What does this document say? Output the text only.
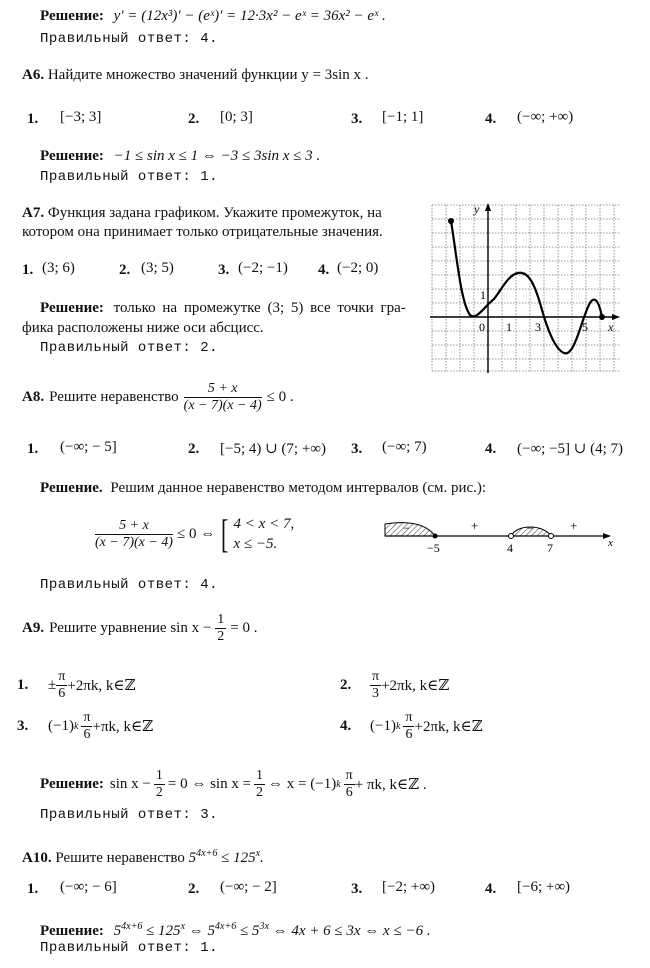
Решение: y′ = (12x³)′ − (eˣ)′ = 12·3x² − eˣ = 36x² − eˣ .
Правильный ответ: 4.
А6. Найдите множество значений функции y = 3sin x .
1. [−3; 3]	2. [0; 3]	3. [−1; 1]	4. (−∞; +∞)
Решение: −1 ≤ sin x ≤ 1 ⇔ −3 ≤ 3sin x ≤ 3 .
Правильный ответ: 1.
А7. Функция задана графиком. Укажите промежуток, на
котором она принимает только отрицательные значения.
1. (3; 6)	2. (3; 5)	3. (−2; −1) 4. (−2; 0)
Решение: только на промежутке (3; 5) все точки гра-
фика расположены ниже оси абсцисс.
Правильный ответ: 2.
y
x
0 1
1
3	5
А8. Решите неравенство $\frac{5 + x}{(x - 7)(x - 4)} \le 0$ .
1. (−∞; − 5]	2. [−5; 4) ∪ (7; +∞) 3. (−∞; 7)	4. (−∞; −5] ∪ (4; 7)
Решение. Решим данное неравенство методом интервалов (см. рис.):
$\frac{5 + x}{(x - 7)(x - 4)} \le 0$ ⇔ [ 4 < x < 7,
x ≤ −5.
−	+	−	+
−5	4	7	x
Правильный ответ: 4.
А9. Решите уравнение $\sin x - \frac{1}{2} = 0$ .
1. ± $\frac{\pi}{6} +2\pi k$, k∈ℤ	2. $\frac{\pi}{3} +2\pi k$, k∈ℤ
3. (−1) k $\frac{\pi}{6} +\pi k$, k∈ℤ	4. (−1) k $\frac{\pi}{6} +2\pi k$, k∈ℤ
Решение: $\sin x - \frac{1}{2} = 0$ ⇔ $\sin x = \frac{1}{2}$ ⇔ x = (−1) k $\frac{\pi}{6} + \pi k$, k∈ℤ .
Правильный ответ: 3.
А10. Решите неравенство $5^{4x+6} \le 125^x$.
1. (−∞; − 6]	2. (−∞; − 2]	3. [−2; +∞)	4. [−6; +∞)
Решение: $5^{4x+6} \le 125^x$ ⇔ $5^{4x+6} \le 5^{3x}$ ⇔ 4x + 6 ≤ 3x ⇔ x ≤ −6 .
Правильный ответ: 1.
